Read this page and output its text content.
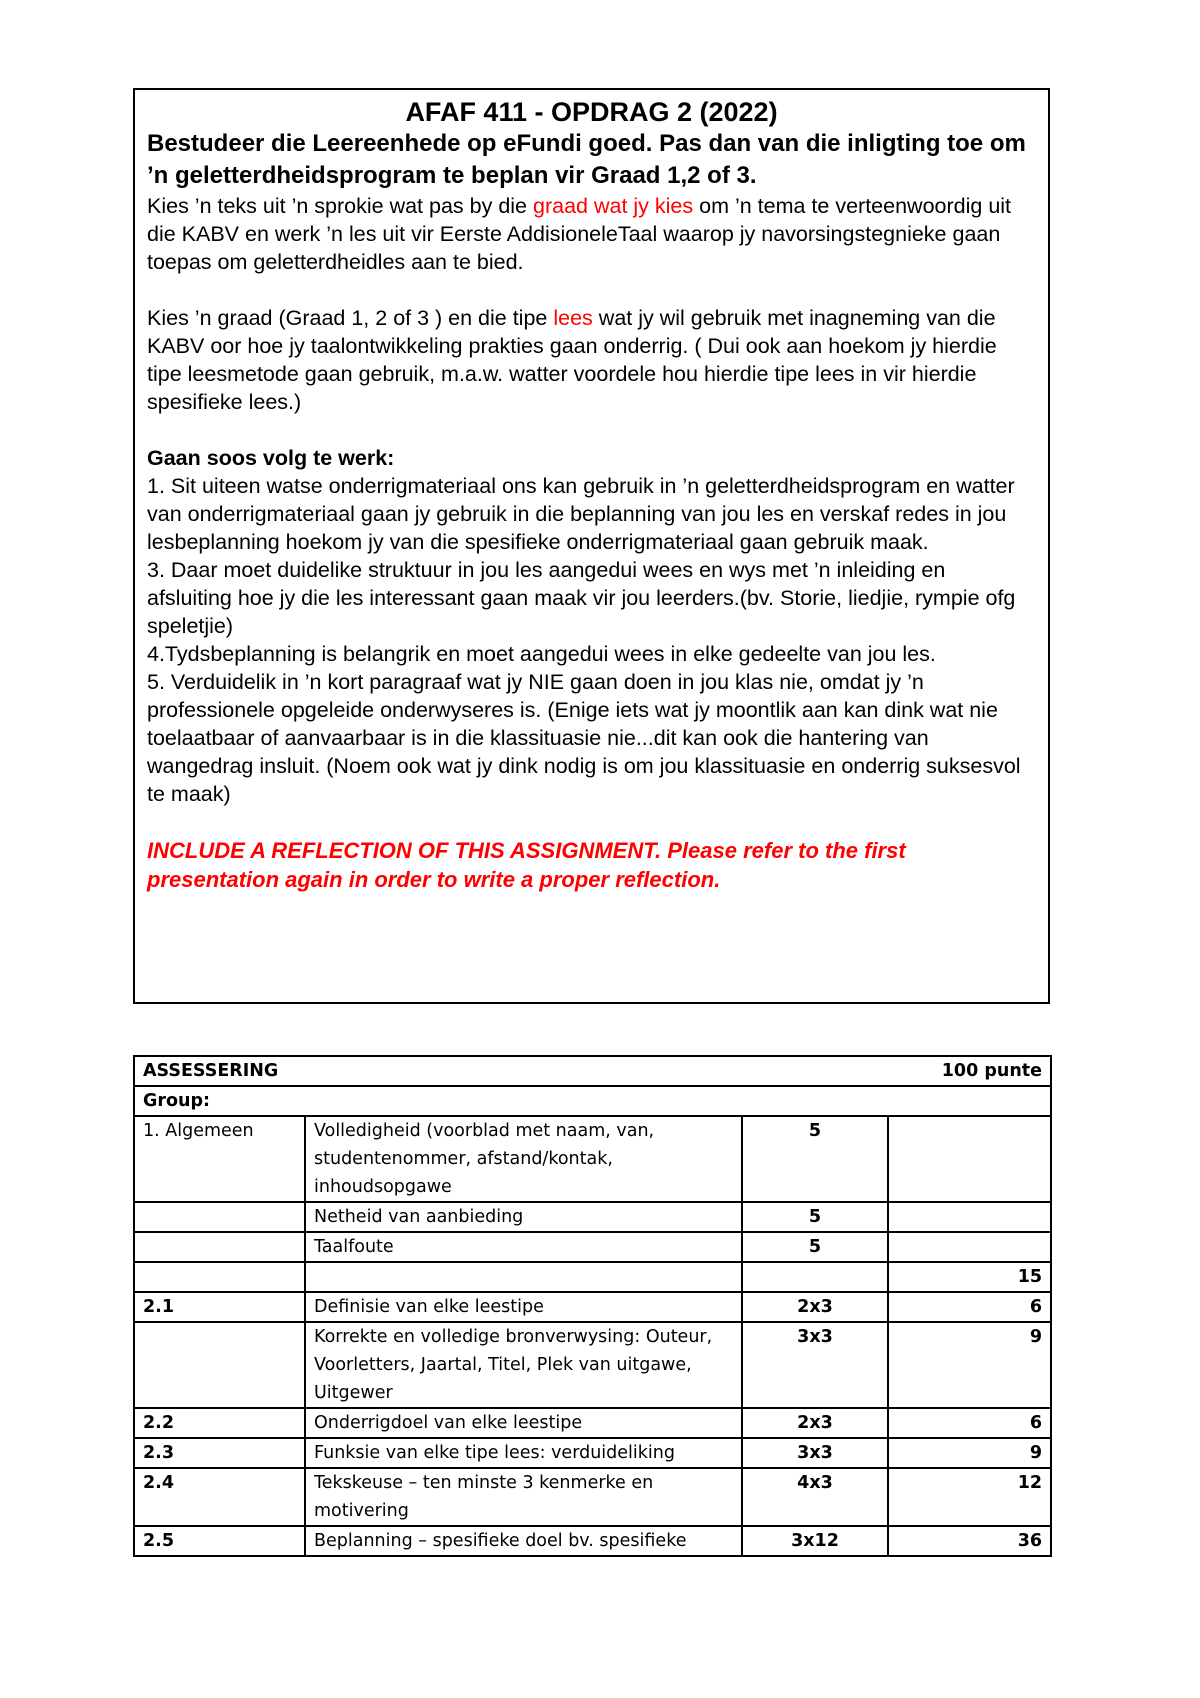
AFAF 411 - OPDRAG 2 (2022)

Bestudeer die Leereenhede op eFundi goed. Pas dan van die inligting toe om ’n geletterdheidsprogram te beplan vir Graad 1,2 of 3.

Kies ’n teks uit ’n sprokie wat pas by die graad wat jy kies om ’n tema te verteenwoordig uit die KABV en werk ’n les uit vir Eerste AddisioneleTaal waarop jy navorsingstegnieke gaan toepas om geletterdheidles aan te bied.

Kies ’n graad (Graad 1, 2 of 3 ) en die tipe lees wat jy wil gebruik met inagneming van die KABV oor hoe jy taalontwikkeling prakties gaan onderrig. ( Dui ook aan hoekom jy hierdie tipe leesmetode gaan gebruik, m.a.w. watter voordele hou hierdie tipe lees in vir hierdie spesifieke lees.)

Gaan soos volg te werk:

1. Sit uiteen watse onderrigmateriaal ons kan gebruik in ’n geletterdheidsprogram en watter van onderrigmateriaal gaan jy gebruik in die beplanning van jou les en verskaf redes in jou lesbeplanning hoekom jy van die spesifieke onderrigmateriaal gaan gebruik maak.

3. Daar moet duidelike struktuur in jou les aangedui wees en wys met ’n inleiding en afsluiting hoe jy die les interessant gaan maak vir jou leerders.(bv. Storie, liedjie, rympie ofg speletjie)

4.Tydsbeplanning is belangrik en moet aangedui wees in elke gedeelte van jou les.

5. Verduidelik in ’n kort paragraaf wat jy NIE gaan doen in jou klas nie, omdat jy ’n professionele opgeleide onderwyseres is. (Enige iets wat jy moontlik aan kan dink wat nie toelaatbaar of aanvaarbaar is in die klassituasie nie...dit kan ook die hantering van wangedrag insluit. (Noem ook wat jy dink nodig is om jou klassituasie en onderrig suksesvol te maak)

INCLUDE A REFLECTION OF THIS ASSIGNMENT. Please refer to the first presentation again in order to write a proper reflection.

ASSESSERING 100 punte			

Group:			
1. Algemeen	Volledigheid (voorblad met naam, van, studentenommer, afstand/kontak, inhoudsopgawe	5	
	Netheid van aanbieding	5	
	Taalfoute	5	
			15
2.1	Definisie van elke leestipe	2x3	6
	Korrekte en volledige bronverwysing: Outeur, Voorletters, Jaartal, Titel, Plek van uitgawe, Uitgewer	3x3	9
2.2	Onderrigdoel van elke leestipe	2x3	6
2.3	Funksie van elke tipe lees: verduideliking	3x3	9
2.4	Tekskeuse – ten minste 3 kenmerke en motivering	4x3	12
2.5	Beplanning – spesifieke doel bv. spesifieke	3x12	36
